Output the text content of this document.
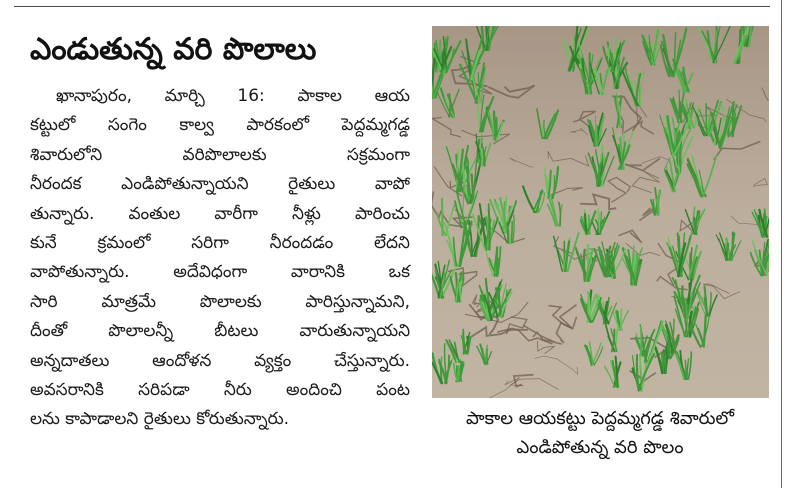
ఎండుతున్న వరి పొలాలు
ఖానాపురం, మార్చి 16: పాకాల ఆయ
కట్టులో సంగెం కాల్వ పారకంలో పెద్దమ్మగడ్డ
శివారులోని వరిపొలాలకు సక్రమంగా
నీరందక ఎండిపోతున్నాయని రైతులు వాపో
తున్నారు. వంతుల వారీగా నీళ్లు పారించు
కునే క్రమంలో సరిగా నీరందడం లేదని
వాపోతున్నారు. అదేవిధంగా వారానికి ఒక
సారి మాత్రమే పొలాలకు పారిస్తున్నామని,
దీంతో పొలాలన్నీ బీటలు వారుతున్నాయని
అన్నదాతలు ఆందోళన వ్యక్తం చేస్తున్నారు.
అవసరానికి సరిపడా నీరు అందించి పంట
లను కాపాడాలని రైతులు కోరుతున్నారు.	పాకాల ఆయకట్టు పెద్దమ్మగడ్డ శివారులో
ఎండిపోతున్న వరి పొలం
